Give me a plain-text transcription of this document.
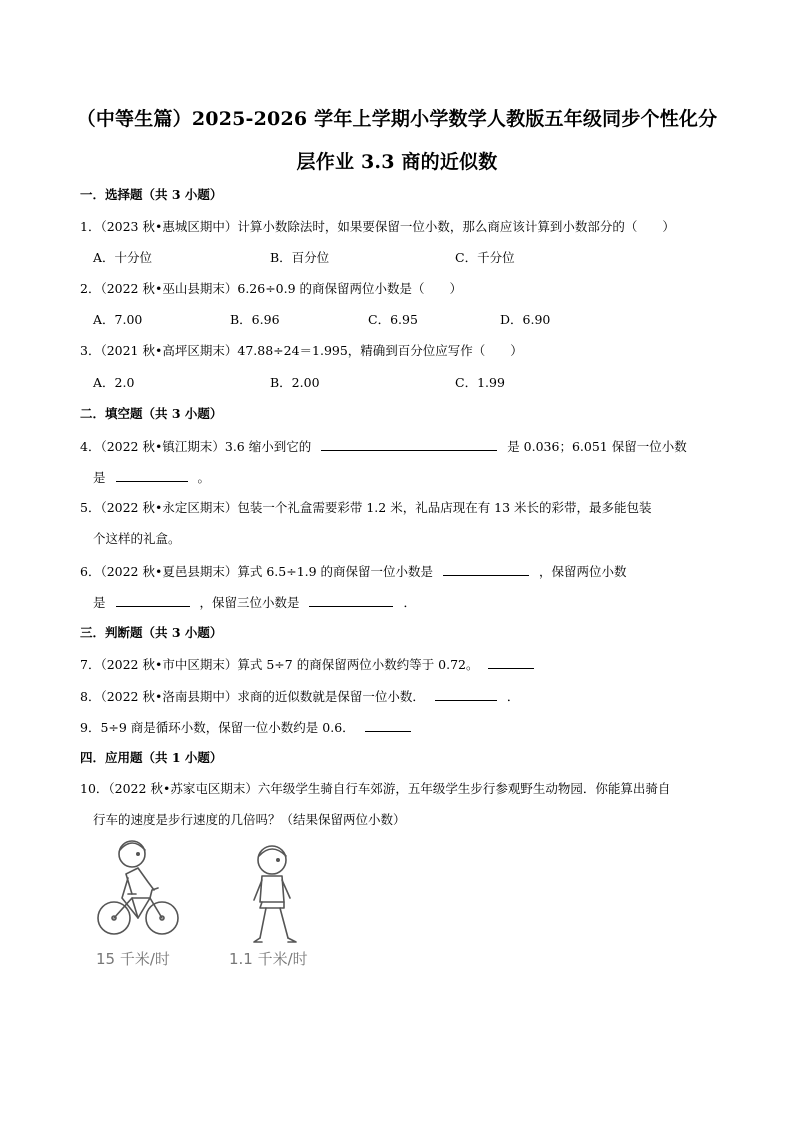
（中等生篇）2025-2026 学年上学期小学数学人教版五年级同步个性化分
层作业 3.3 商的近似数
一．选择题（共 3 小题）
1．（2023 秋•惠城区期中）计算小数除法时，如果要保留一位小数，那么商应该计算到小数部分的（　　）
A．十分位	B．百分位	C．千分位
2．（2022 秋•巫山县期末）6.26÷0.9 的商保留两位小数是（　　）
A．7.00	B．6.96	C．6.95	D．6.90
3．（2021 秋•高坪区期末）47.88÷24＝1.995，精确到百分位应写作（　　）
A．2.0	B．2.00	C．1.99
二．填空题（共 3 小题）
4．（2022 秋•镇江期末）3.6 缩小到它的	是 0.036；6.051 保留一位小数
是	。
5．（2022 秋•永定区期末）包装一个礼盒需要彩带 1.2 米，礼品店现在有 13 米长的彩带，最多能包装
个这样的礼盒。
6．（2022 秋•夏邑县期末）算式 6.5÷1.9 的商保留一位小数是	，保留两位小数
是	，保留三位小数是	．
三．判断题（共 3 小题）
7．（2022 秋•市中区期末）算式 5÷7 的商保留两位小数约等于 0.72。
8．（2022 秋•洛南县期中）求商的近似数就是保留一位小数．	．
9．5÷9 商是循环小数，保留一位小数约是 0.6．
四．应用题（共 1 小题）
10．（2022 秋•苏家屯区期末）六年级学生骑自行车郊游，五年级学生步行参观野生动物园．你能算出骑自
行车的速度是步行速度的几倍吗？（结果保留两位小数）
15 千米/时	1.1 千米/时
